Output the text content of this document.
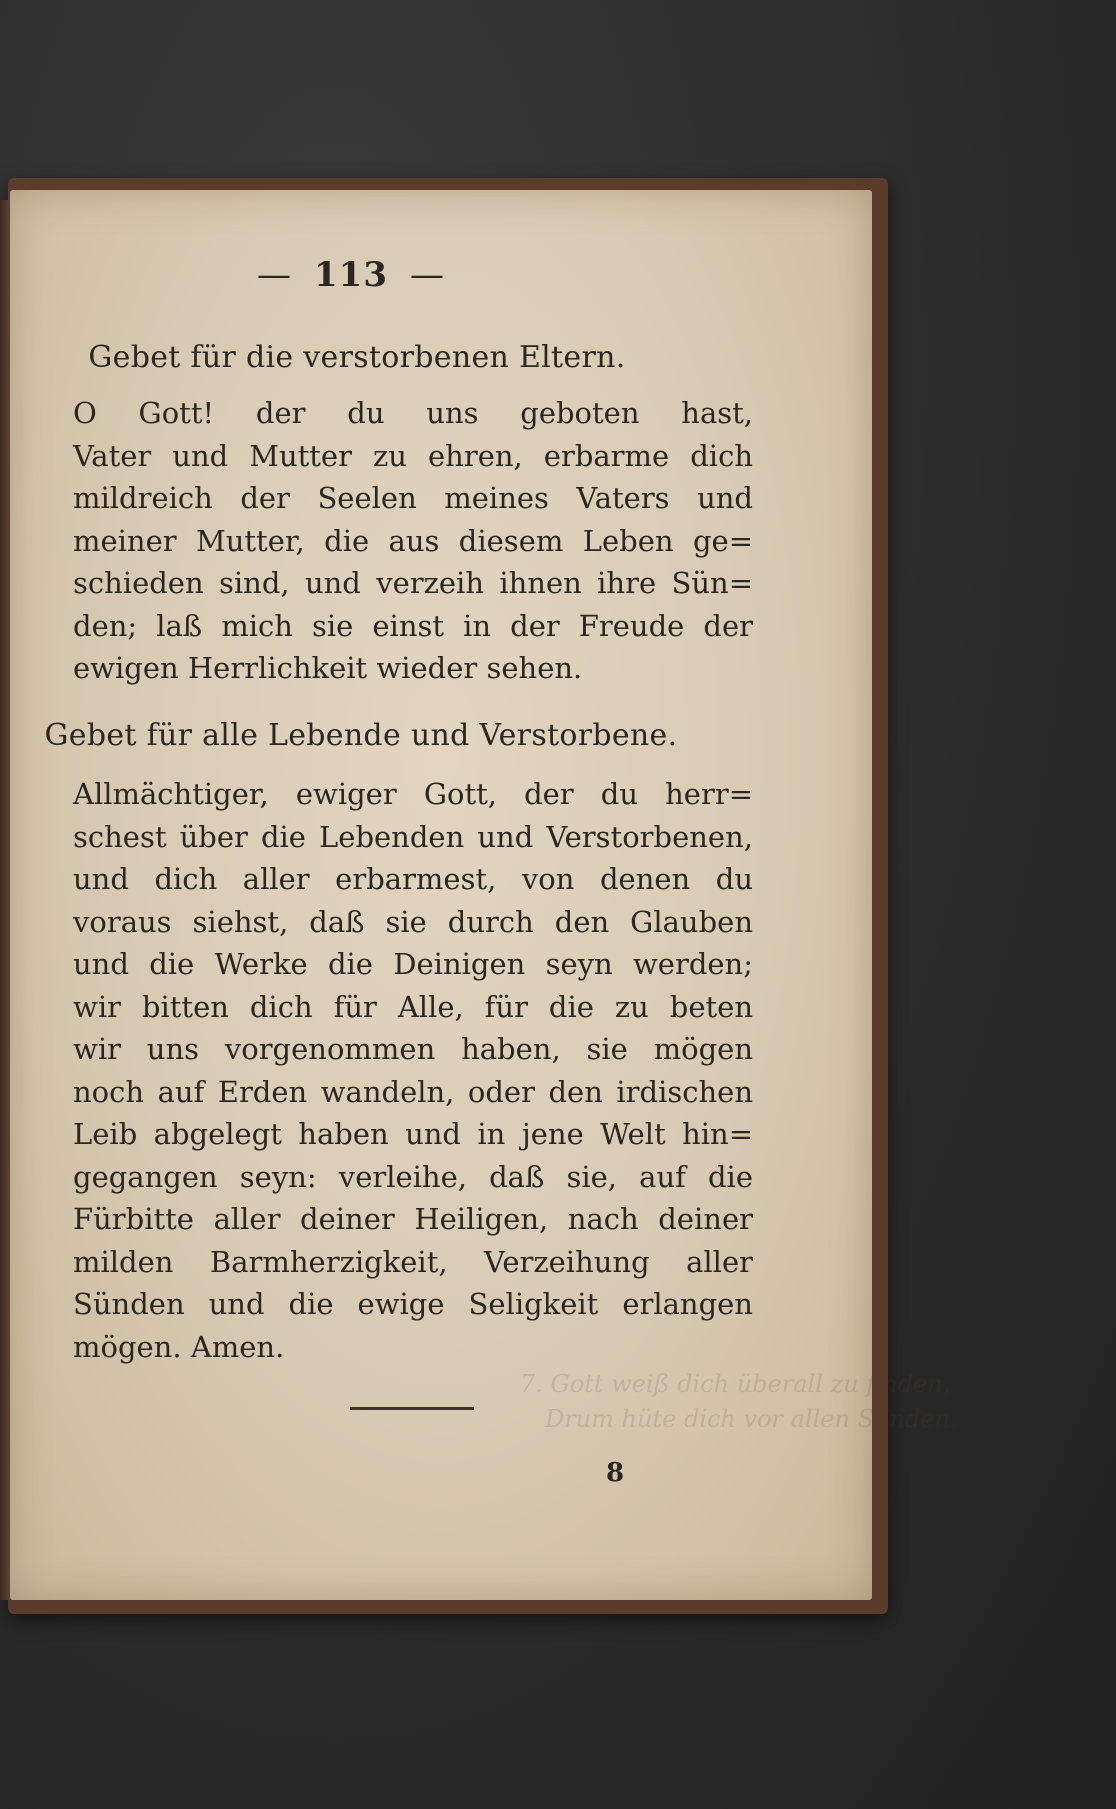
— 113 —
7. Gott weiß dich überall zu finden,
Drum hüte dich vor allen Sünden.
Gebet für die verstorbenen Eltern.
O Gott! der du uns geboten hast,
Vater und Mutter zu ehren, erbarme dich
mildreich der Seelen meines Vaters und
meiner Mutter, die aus diesem Leben ge=
schieden sind, und verzeih ihnen ihre Sün=
den; laß mich sie einst in der Freude der
ewigen Herrlichkeit wieder sehen.
Gebet für alle Lebende und Verstorbene.
Allmächtiger, ewiger Gott, der du herr=
schest über die Lebenden und Verstorbenen,
und dich aller erbarmest, von denen du
voraus siehst, daß sie durch den Glauben
und die Werke die Deinigen seyn werden;
wir bitten dich für Alle, für die zu beten
wir uns vorgenommen haben, sie mögen
noch auf Erden wandeln, oder den irdischen
Leib abgelegt haben und in jene Welt hin=
gegangen seyn: verleihe, daß sie, auf die
Fürbitte aller deiner Heiligen, nach deiner
milden Barmherzigkeit, Verzeihung aller
Sünden und die ewige Seligkeit erlangen
mögen. Amen.
8
